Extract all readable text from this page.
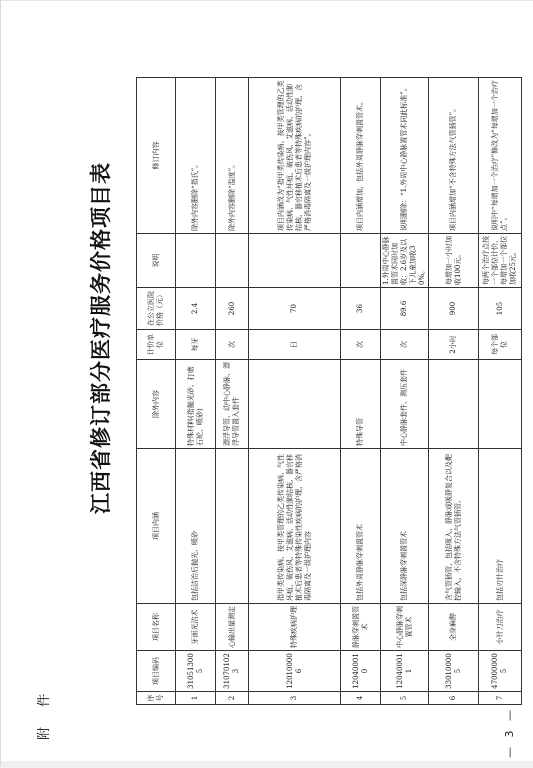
附 件
江西省修订部分医疗服务价格项目表
序号	项目编码	项目名称	项目内涵	除外内容	计价单位	在公立医院价格（元）	说明	修订内容
1	310513005	牙面光洁术	包括洁治后抛光、喷砂	特殊材料(指抛光砂、打磨石轮、喷砂)	每牙	2.4		除外内容删除“指氏”。
2	310701023	心输出量测定		漂浮导管、动中心静脉、漂浮导管置入套件	次	260		除外内容删除“温度”。
3	120100006	特殊疾病护理	指甲类传染病、按甲类管理的乙类传染病、气性坏疽、破伤风、艾滋病、活动性肺结核、器官移植术后患者等特殊传染性疾病的护理，含严格消毒隔离及一级护理内容		日	70		项目内涵改为“指甲类传染病、按甲类管理的乙类传染病、气性坏疽、破伤风、艾滋病、活动性肺结核、器官移植术后患者等特殊疾病的护理，含严格消毒隔离及一级护理内容”。
4	120400010	静脉穿刺置管术	包括外周静脉穿刺置管术	特殊导管	次	36		项目内涵增加，包括外周静脉穿刺置管术。
5	120400011	中心静脉穿刺置管术	包括深静脉穿刺置管术	中心静脉套件、测压套件	次	89.6	1.外周中心静脉置管术同时加收；2.6岁及以下儿童加收30%。	说明删除：“1.外周中心静脉置管术同此标准”。
6	330100005	全身麻醉	含气管插管，包括吸入、静脉或吸静复合以及靶控输入，不含特殊方法气管插管。		2小时	900	每增加一小时加收100元。	项目内涵增加“不含特殊方法气管插管”。
7	470000005	小针刀治疗	包括刃针治疗		每个部位	105	每两个治疗点按一个部位计价，每增加一个部位加收25元。	说明中“每增加一个治疗”修改为“每增加一个治疗点”。
— 3 —
